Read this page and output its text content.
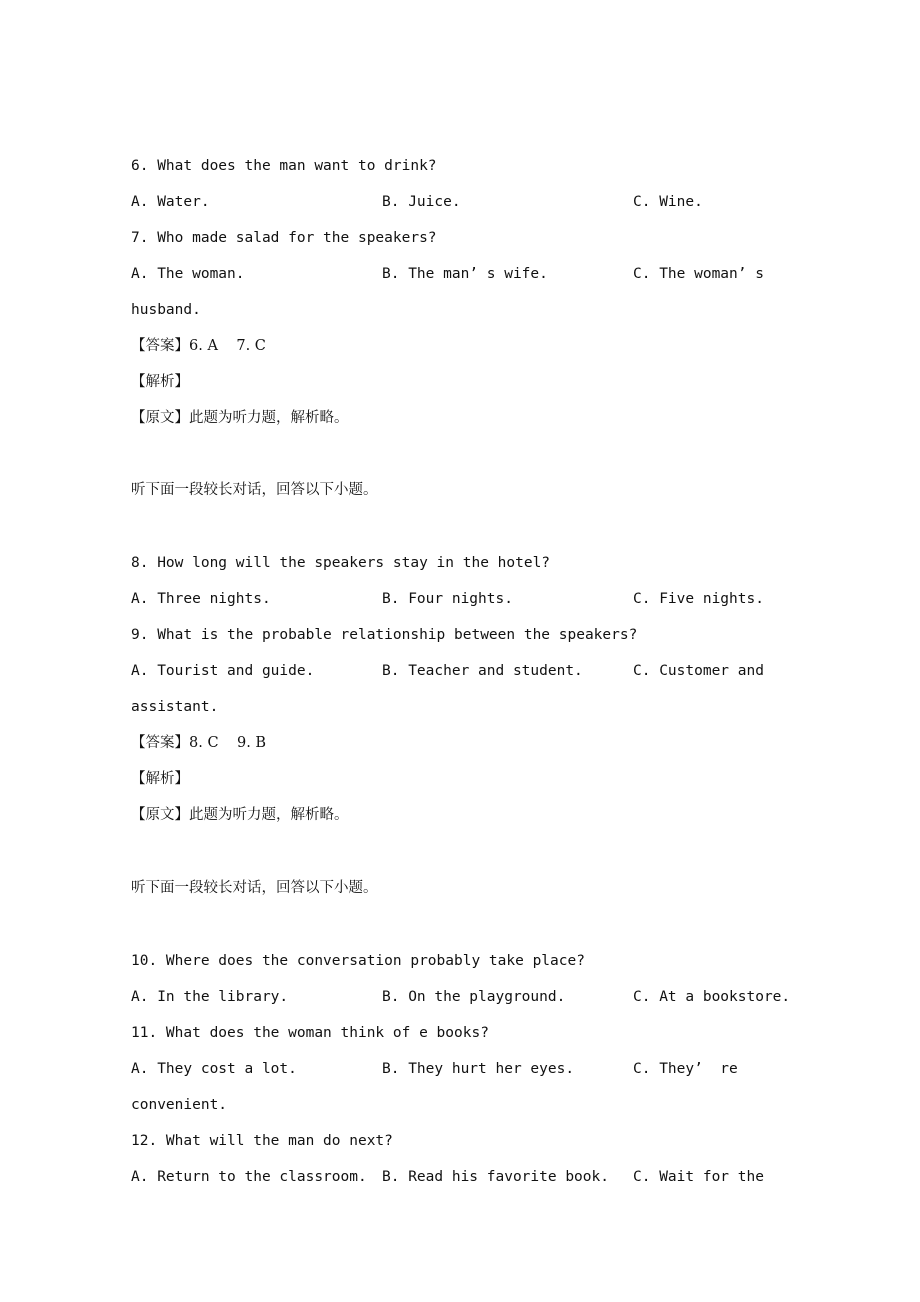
6. What does the man want to drink?
A. Water.	B. Juice.	C. Wine.
7. Who made salad for the speakers?
A. The woman.	B. The man’ s wife.	C. The woman’ s
husband.
【答案】6. A    7. C
【解析】
【原文】此题为听力题，解析略。
听下面一段较长对话，回答以下小题。
8. How long will the speakers stay in the hotel?
A. Three nights.	B. Four nights.	C. Five nights.
9. What is the probable relationship between the speakers?
A. Tourist and guide.	B. Teacher and student.	C. Customer and
assistant.
【答案】8. C    9. B
【解析】
【原文】此题为听力题，解析略。
听下面一段较长对话，回答以下小题。
10. Where does the conversation probably take place?
A. In the library.	B. On the playground.	C. At a bookstore.
11. What does the woman think of e books?
A. They cost a lot.	B. They hurt her eyes.	C. They’  re
convenient.
12. What will the man do next?
A. Return to the classroom. B. Read his favorite book. C. Wait for the
